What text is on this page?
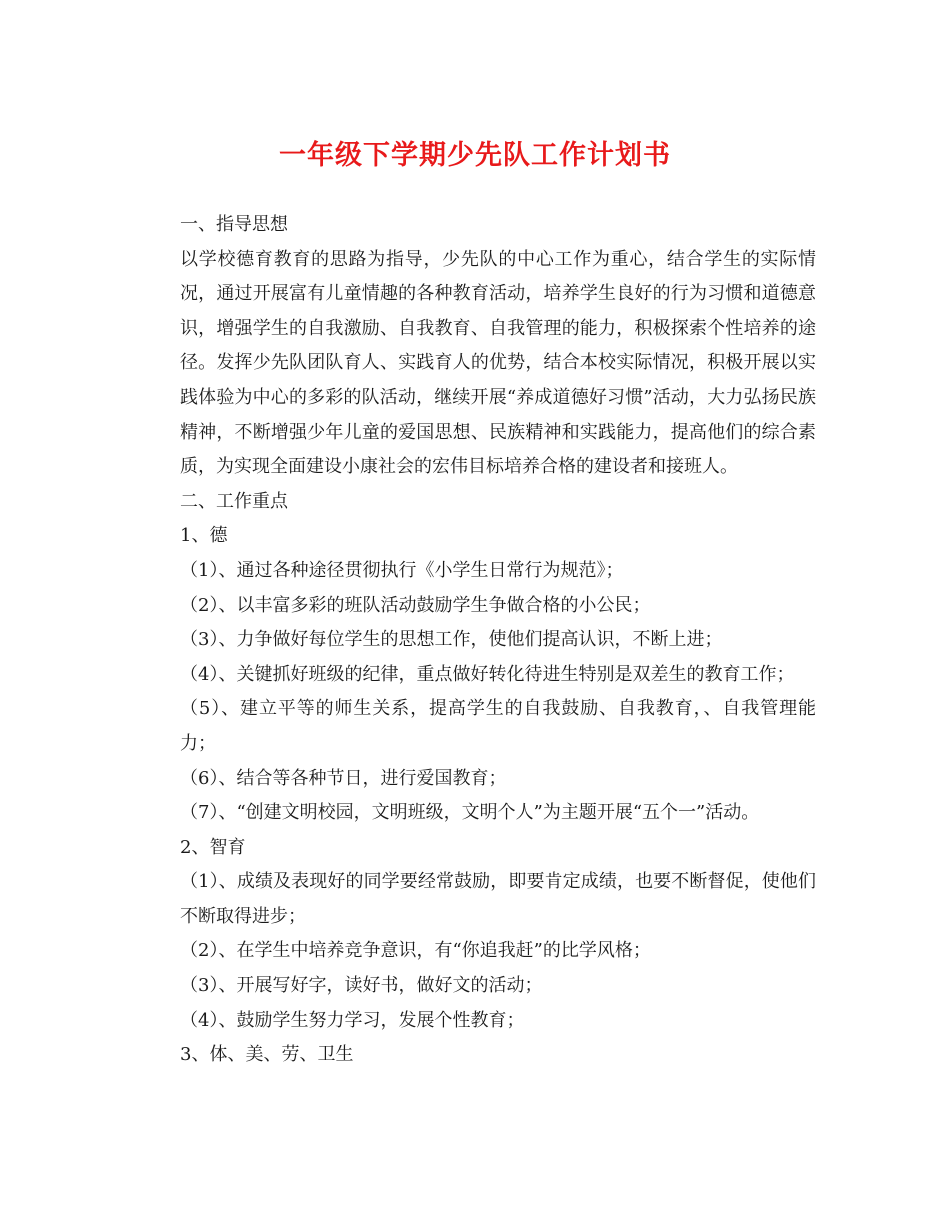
一年级下学期少先队工作计划书

一、指导思想

以学校德育教育的思路为指导，少先队的中心工作为重心，结合学生的实际情况，通过开展富有儿童情趣的各种教育活动，培养学生良好的行为习惯和道德意识，增强学生的自我激励、自我教育、自我管理的能力，积极探索个性培养的途径。发挥少先队团队育人、实践育人的优势，结合本校实际情况，积极开展以实践体验为中心的多彩的队活动，继续开展“养成道德好习惯”活动，大力弘扬民族精神，不断增强少年儿童的爱国思想、民族精神和实践能力，提高他们的综合素质，为实现全面建设小康社会的宏伟目标培养合格的建设者和接班人。

二、工作重点

1、德

（1）、通过各种途径贯彻执行《小学生日常行为规范》；

（2）、以丰富多彩的班队活动鼓励学生争做合格的小公民；

（3）、力争做好每位学生的思想工作，使他们提高认识，不断上进；

（4）、关键抓好班级的纪律，重点做好转化待进生特别是双差生的教育工作；

（5）、建立平等的师生关系，提高学生的自我鼓励、自我教育，、自我管理能力；

（6）、结合等各种节日，进行爱国教育；

（7）、“创建文明校园，文明班级，文明个人”为主题开展“五个一”活动。

2、智育

（1）、成绩及表现好的同学要经常鼓励，即要肯定成绩，也要不断督促，使他们不断取得进步；

（2）、在学生中培养竞争意识，有“你追我赶”的比学风格；

（3）、开展写好字，读好书，做好文的活动；

（4）、鼓励学生努力学习，发展个性教育；

3、体、美、劳、卫生
